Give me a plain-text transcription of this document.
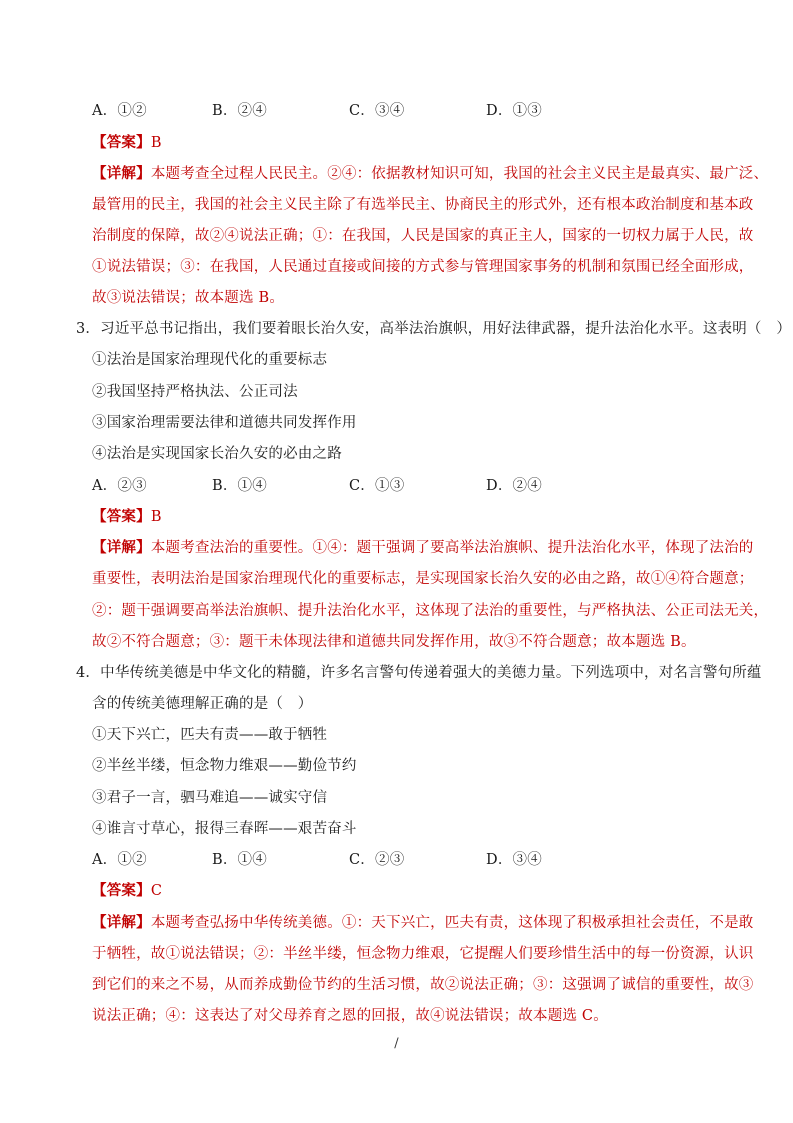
A．①②	B．②④	C．③④	D．①③
【答案】B
【详解】本题考查全过程人民民主。②④：依据教材知识可知，我国的社会主义民主是最真实、最广泛、
最管用的民主，我国的社会主义民主除了有选举民主、协商民主的形式外，还有根本政治制度和基本政
治制度的保障，故②④说法正确；①：在我国，人民是国家的真正主人，国家的一切权力属于人民，故
①说法错误；③：在我国，人民通过直接或间接的方式参与管理国家事务的机制和氛围已经全面形成，
故③说法错误；故本题选 B。
3．习近平总书记指出，我们要着眼长治久安，高举法治旗帜，用好法律武器，提升法治化水平。这表明（　）
①法治是国家治理现代化的重要标志
②我国坚持严格执法、公正司法
③国家治理需要法律和道德共同发挥作用
④法治是实现国家长治久安的必由之路
A．②③	B．①④	C．①③	D．②④
【答案】B
【详解】本题考查法治的重要性。①④：题干强调了要高举法治旗帜、提升法治化水平，体现了法治的
重要性，表明法治是国家治理现代化的重要标志，是实现国家长治久安的必由之路，故①④符合题意；
②：题干强调要高举法治旗帜、提升法治化水平，这体现了法治的重要性，与严格执法、公正司法无关，
故②不符合题意；③：题干未体现法律和道德共同发挥作用，故③不符合题意；故本题选 B。
4．中华传统美德是中华文化的精髓，许多名言警句传递着强大的美德力量。下列选项中，对名言警句所蕴
含的传统美德理解正确的是（　）
①天下兴亡，匹夫有责——敢于牺牲
②半丝半缕，恒念物力维艰——勤俭节约
③君子一言，驷马难追——诚实守信
④谁言寸草心，报得三春晖——艰苦奋斗
A．①②	B．①④	C．②③	D．③④
【答案】C
【详解】本题考查弘扬中华传统美德。①：天下兴亡，匹夫有责，这体现了积极承担社会责任，不是敢
于牺牲，故①说法错误；②：半丝半缕，恒念物力维艰，它提醒人们要珍惜生活中的每一份资源，认识
到它们的来之不易，从而养成勤俭节约的生活习惯，故②说法正确；③：这强调了诚信的重要性，故③
说法正确；④：这表达了对父母养育之恩的回报，故④说法错误；故本题选 C。
/
